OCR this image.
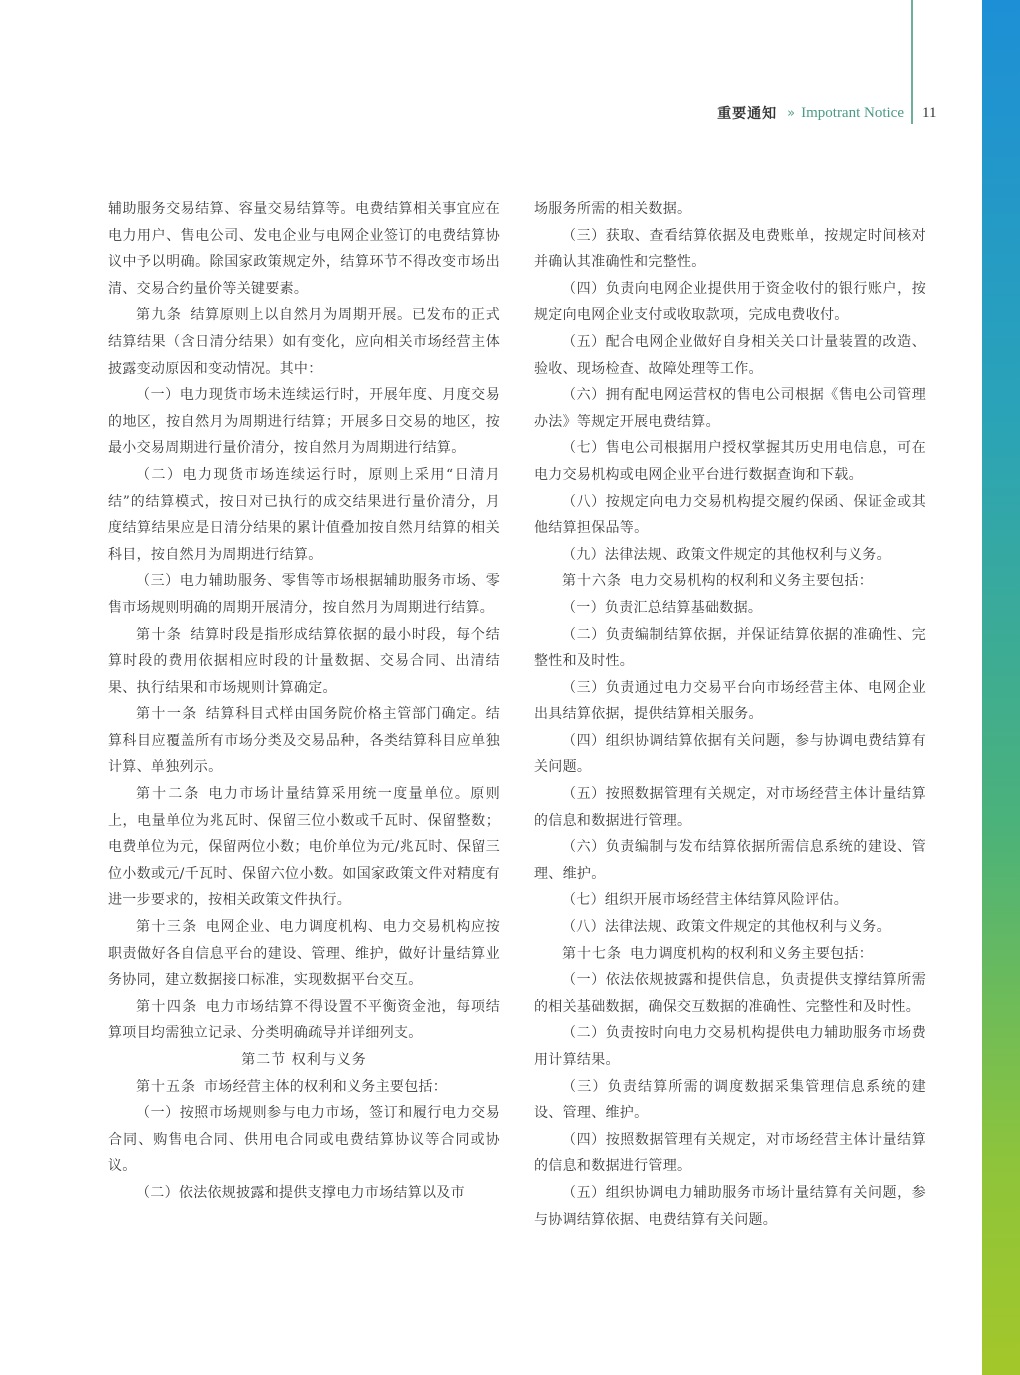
重要通知 » Impotrant Notice 11

辅助服务交易结算、容量交易结算等。电费结算相关事宜应在电力用户、售电公司、发电企业与电网企业签订的电费结算协议中予以明确。除国家政策规定外，结算环节不得改变市场出清、交易合约量价等关键要素。

第九条 结算原则上以自然月为周期开展。已发布的正式结算结果（含日清分结果）如有变化，应向相关市场经营主体披露变动原因和变动情况。其中：

（一）电力现货市场未连续运行时，开展年度、月度交易的地区，按自然月为周期进行结算；开展多日交易的地区，按最小交易周期进行量价清分，按自然月为周期进行结算。

（二）电力现货市场连续运行时，原则上采用“日清月结”的结算模式，按日对已执行的成交结果进行量价清分，月度结算结果应是日清分结果的累计值叠加按自然月结算的相关科目，按自然月为周期进行结算。

（三）电力辅助服务、零售等市场根据辅助服务市场、零售市场规则明确的周期开展清分，按自然月为周期进行结算。

第十条 结算时段是指形成结算依据的最小时段，每个结算时段的费用依据相应时段的计量数据、交易合同、出清结果、执行结果和市场规则计算确定。

第十一条 结算科目式样由国务院价格主管部门确定。结算科目应覆盖所有市场分类及交易品种，各类结算科目应单独计算、单独列示。

第十二条 电力市场计量结算采用统一度量单位。原则上，电量单位为兆瓦时、保留三位小数或千瓦时、保留整数；电费单位为元，保留两位小数；电价单位为元/兆瓦时、保留三位小数或元/千瓦时、保留六位小数。如国家政策文件对精度有进一步要求的，按相关政策文件执行。

第十三条 电网企业、电力调度机构、电力交易机构应按职责做好各自信息平台的建设、管理、维护，做好计量结算业务协同，建立数据接口标准，实现数据平台交互。

第十四条 电力市场结算不得设置不平衡资金池，每项结算项目均需独立记录、分类明确疏导并详细列支。

第二节 权利与义务

第十五条 市场经营主体的权利和义务主要包括：

（一）按照市场规则参与电力市场，签订和履行电力交易合同、购售电合同、供用电合同或电费结算协议等合同或协议。

（二）依法依规披露和提供支撑电力市场结算以及市

场服务所需的相关数据。

（三）获取、查看结算依据及电费账单，按规定时间核对并确认其准确性和完整性。

（四）负责向电网企业提供用于资金收付的银行账户，按规定向电网企业支付或收取款项，完成电费收付。

（五）配合电网企业做好自身相关关口计量装置的改造、验收、现场检查、故障处理等工作。

（六）拥有配电网运营权的售电公司根据《售电公司管理办法》等规定开展电费结算。

（七）售电公司根据用户授权掌握其历史用电信息，可在电力交易机构或电网企业平台进行数据查询和下载。

（八）按规定向电力交易机构提交履约保函、保证金或其他结算担保品等。

（九）法律法规、政策文件规定的其他权利与义务。

第十六条 电力交易机构的权利和义务主要包括：

（一）负责汇总结算基础数据。

（二）负责编制结算依据，并保证结算依据的准确性、完整性和及时性。

（三）负责通过电力交易平台向市场经营主体、电网企业出具结算依据，提供结算相关服务。

（四）组织协调结算依据有关问题，参与协调电费结算有关问题。

（五）按照数据管理有关规定，对市场经营主体计量结算的信息和数据进行管理。

（六）负责编制与发布结算依据所需信息系统的建设、管理、维护。

（七）组织开展市场经营主体结算风险评估。

（八）法律法规、政策文件规定的其他权利与义务。

第十七条 电力调度机构的权利和义务主要包括：

（一）依法依规披露和提供信息，负责提供支撑结算所需的相关基础数据，确保交互数据的准确性、完整性和及时性。

（二）负责按时向电力交易机构提供电力辅助服务市场费用计算结果。

（三）负责结算所需的调度数据采集管理信息系统的建设、管理、维护。

（四）按照数据管理有关规定，对市场经营主体计量结算的信息和数据进行管理。

（五）组织协调电力辅助服务市场计量结算有关问题，参与协调结算依据、电费结算有关问题。
